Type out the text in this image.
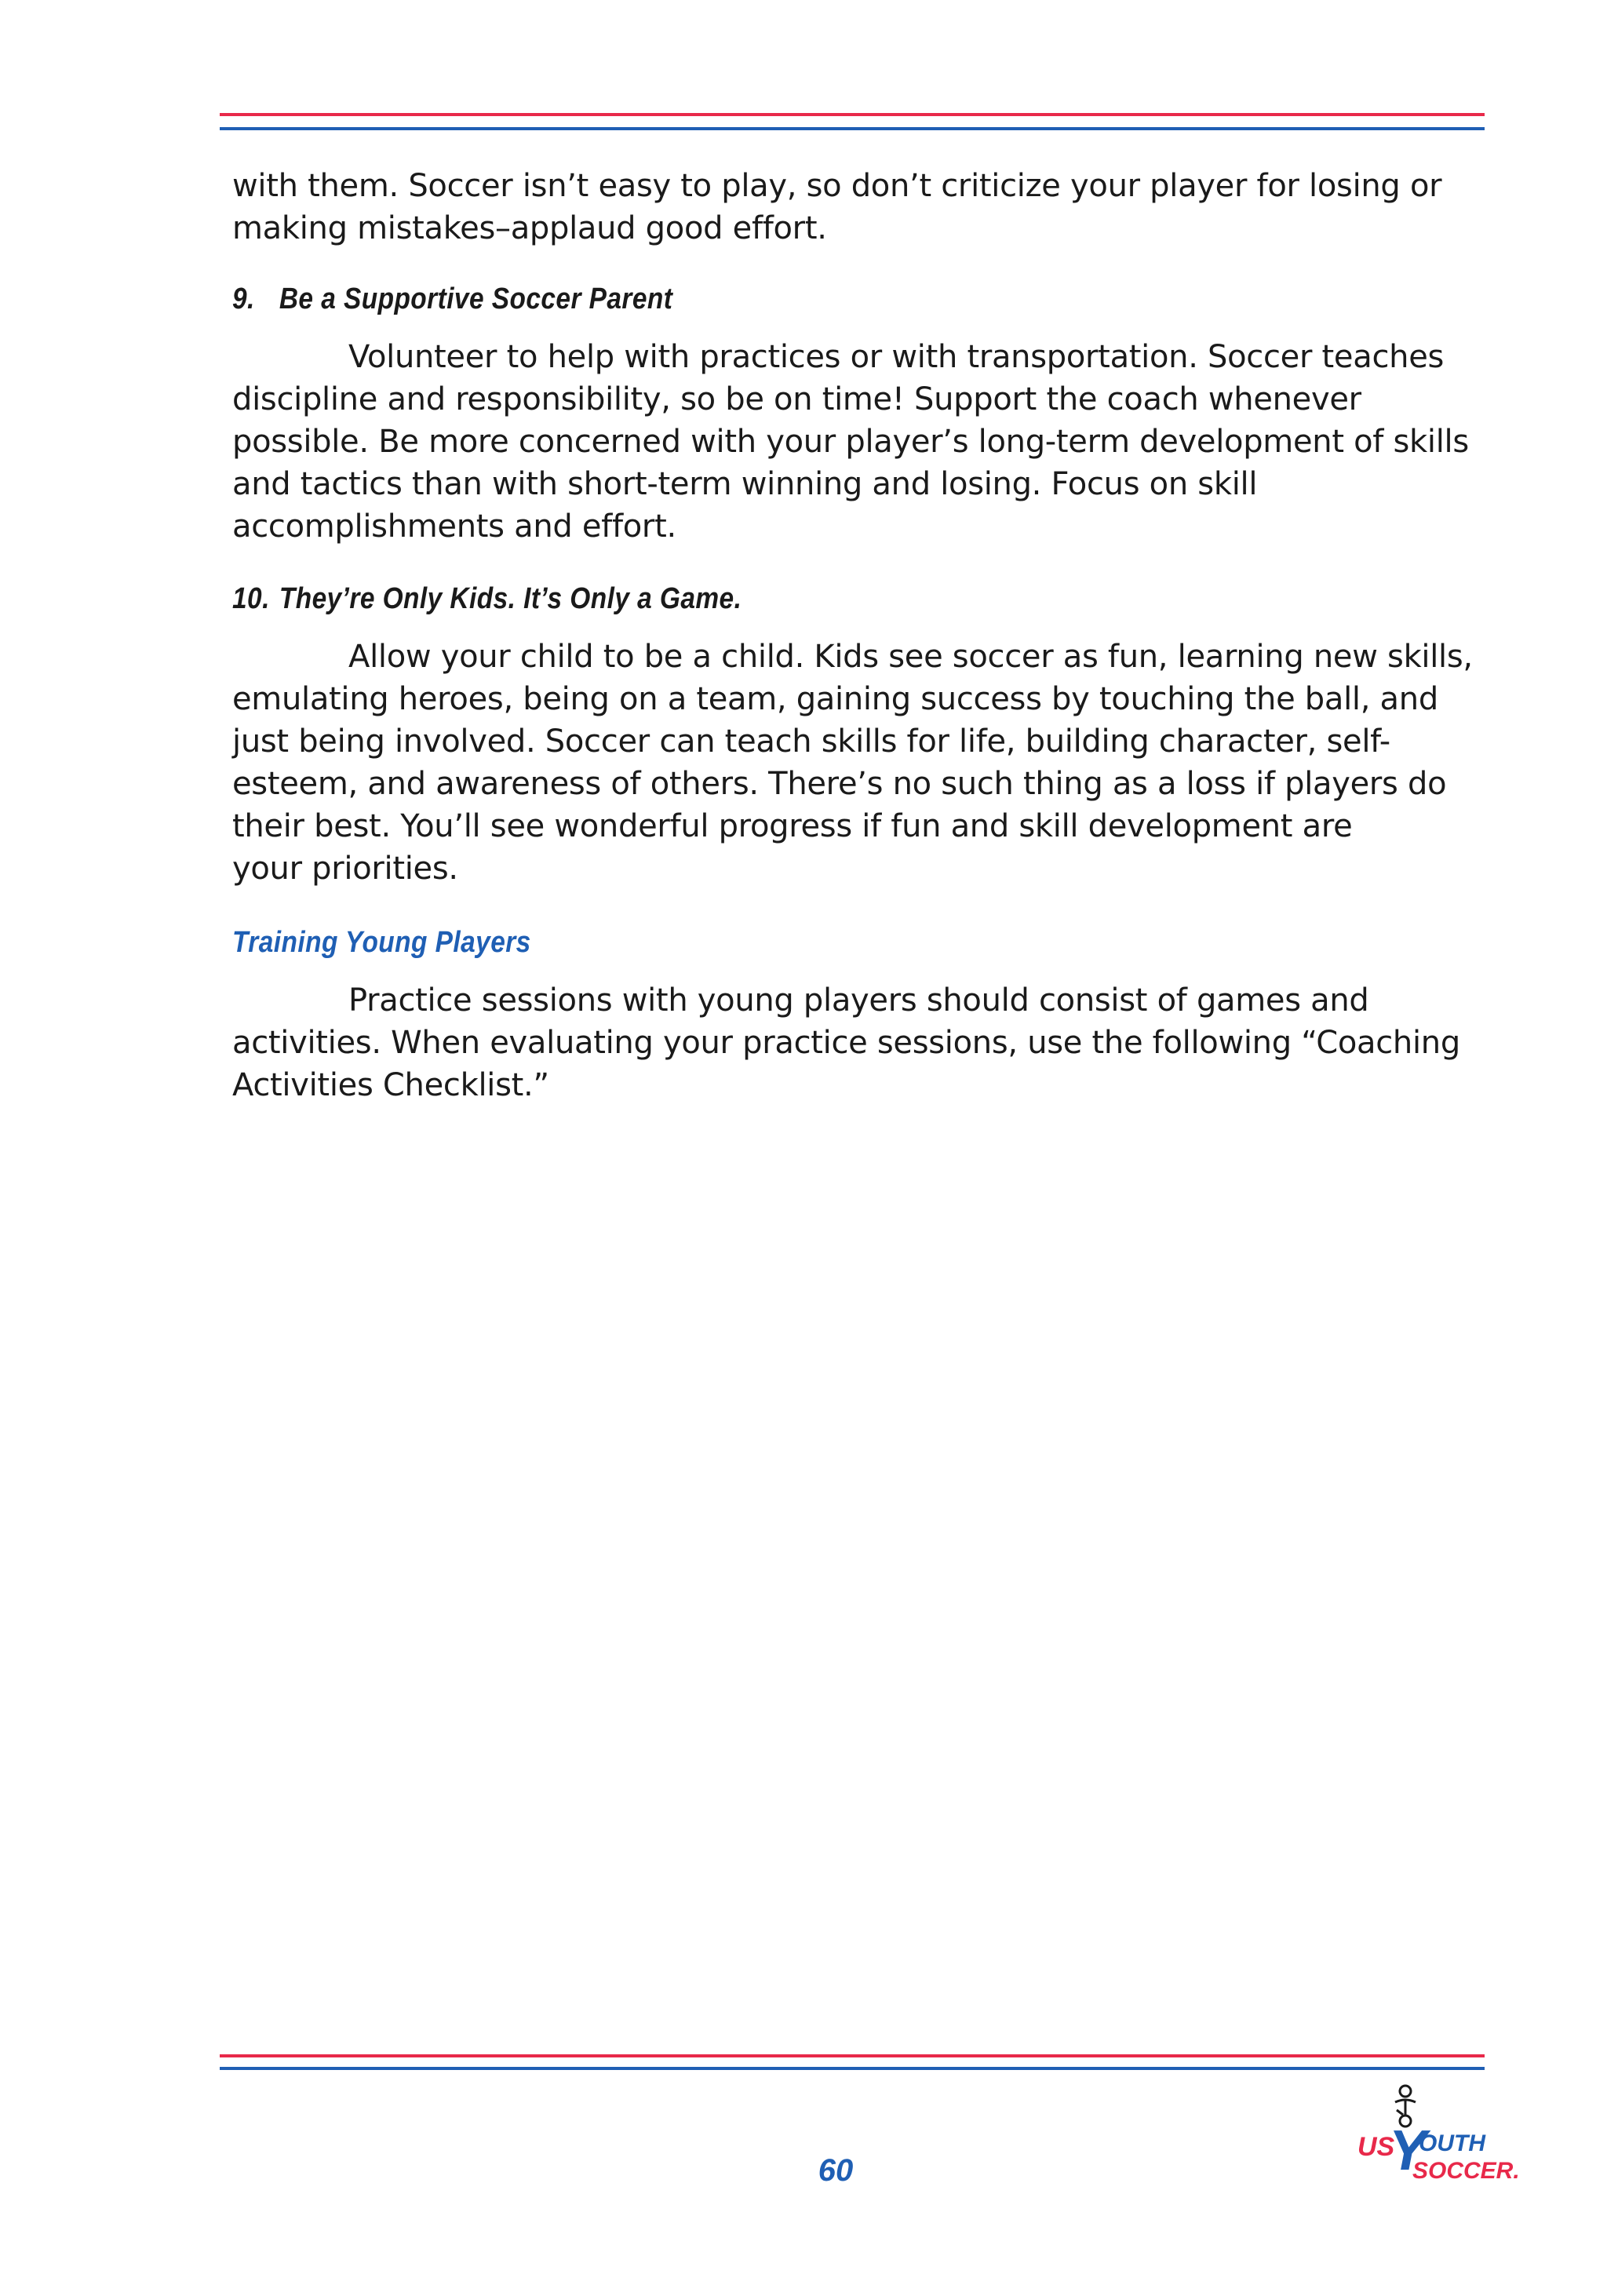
with them. Soccer isn’t easy to play, so don’t criticize your player for losing or making mistakes–applaud good effort.

9. Be a Supportive Soccer Parent

Volunteer to help with practices or with transportation. Soccer teaches discipline and responsibility, so be on time! Support the coach whenever possible. Be more concerned with your player’s long-term development of skills and tactics than with short-term winning and losing. Focus on skill accomplishments and effort.

10. They’re Only Kids. It’s Only a Game.

Allow your child to be a child. Kids see soccer as fun, learning new skills, emulating heroes, being on a team, gaining success by touching the ball, and just being involved. Soccer can teach skills for life, building character, self-esteem, and awareness of others. There’s no such thing as a loss if players do their best. You’ll see wonderful progress if fun and skill development are

your priorities.

Training Young Players

Practice sessions with young players should consist of games and activities. When evaluating your practice sessions, use the following “Coaching Activities Checklist.”

60
US
Y
OUTH
SOCCER.
